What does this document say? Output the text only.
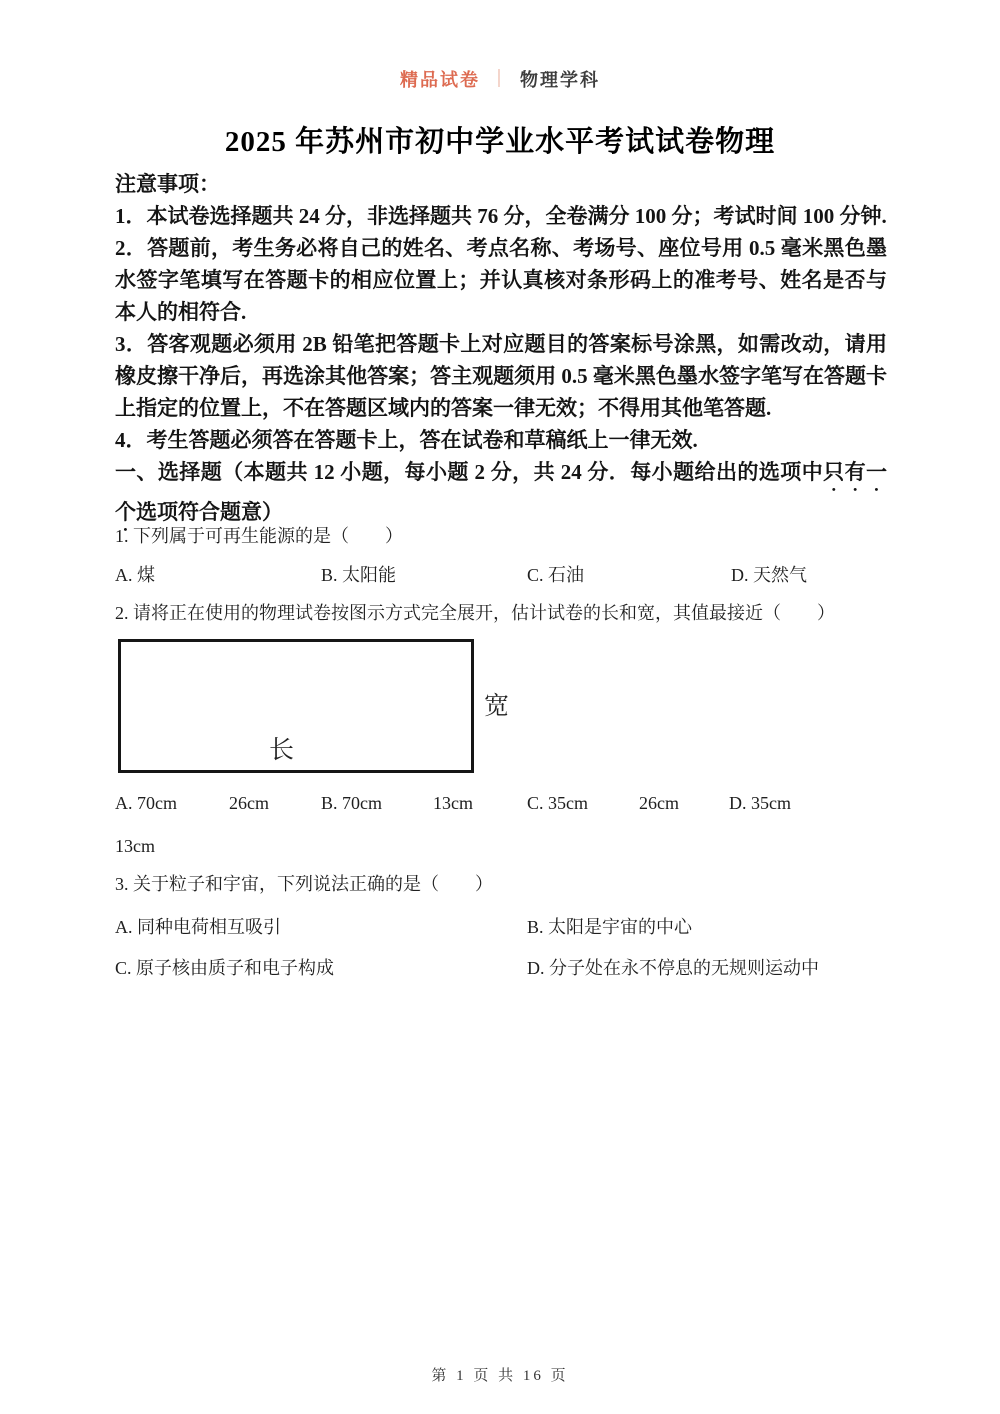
精品试卷 ｜ 物理学科
2025 年苏州市初中学业水平考试试卷物理

注意事项：

1．本试卷选择题共 24 分，非选择题共 76 分，全卷满分 100 分；考试时间 100 分钟.

2．答题前，考生务必将自己的姓名、考点名称、考场号、座位号用 0.5 毫米黑色墨水签字笔填写在答题卡的相应位置上；并认真核对条形码上的准考号、姓名是否与本人的相符合.

3．答客观题必须用 2B 铅笔把答题卡上对应题目的答案标号涂黑，如需改动，请用橡皮擦干净后，再选涂其他答案；答主观题须用 0.5 毫米黑色墨水签字笔写在答题卡上指定的位置上，不在答题区域内的答案一律无效；不得用其他笔答题.

4．考生答题必须答在答题卡上，答在试卷和草稿纸上一律无效.

一、选择题（本题共 12 小题，每小题 2 分，共 24 分．每小题给出的选项中只有一个选项符合题意）

1. 下列属于可再生能源的是（　　）
A. 煤	B. 太阳能	C. 石油	D. 天然气
2. 请将正在使用的物理试卷按图示方式完全展开，估计试卷的长和宽，其值最接近（　　）
长
宽
A. 70cm	26cm	B. 70cm	13cm	C. 35cm	26cm	D. 35cm
13cm
3. 关于粒子和宇宙，下列说法正确的是（　　）
A. 同种电荷相互吸引	B. 太阳是宇宙的中心
C. 原子核由质子和电子构成	D. 分子处在永不停息的无规则运动中
第 1 页 共 16 页
